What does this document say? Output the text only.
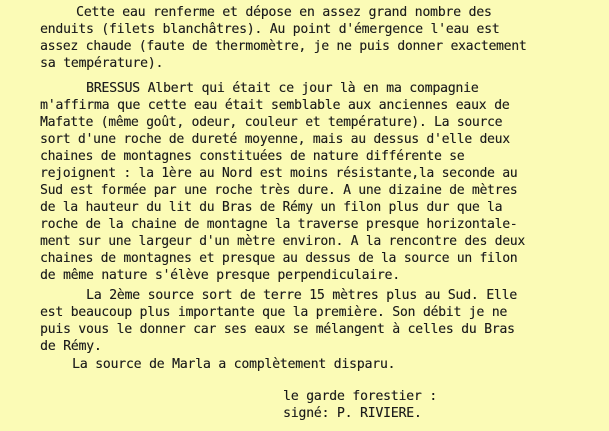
Cette eau renferme et dépose en assez grand nombre des
enduits (filets blanchâtres). Au point d'émergence l'eau est
assez chaude (faute de thermomètre, je ne puis donner exactement
sa température).
BRESSUS Albert qui était ce jour là en ma compagnie
m'affirma que cette eau était semblable aux anciennes eaux de
Mafatte (même goût, odeur, couleur et température). La source
sort d'une roche de dureté moyenne, mais au dessus d'elle deux
chaines de montagnes constituées de nature différente se
rejoignent : la 1ère au Nord est moins résistante,la seconde au
Sud est formée par une roche très dure. A une dizaine de mètres
de la hauteur du lit du Bras de Rémy un filon plus dur que la
roche de la chaine de montagne la traverse presque horizontale-
ment sur une largeur d'un mètre environ. A la rencontre des deux
chaines de montagnes et presque au dessus de la source un filon
de même nature s'élève presque perpendiculaire.
La 2ème source sort de terre 15 mètres plus au Sud. Elle
est beaucoup plus importante que la première. Son débit je ne
puis vous le donner car ses eaux se mélangent à celles du Bras
de Rémy.
La source de Marla a complètement disparu.
le garde forestier :
signé: P. RIVIERE.
